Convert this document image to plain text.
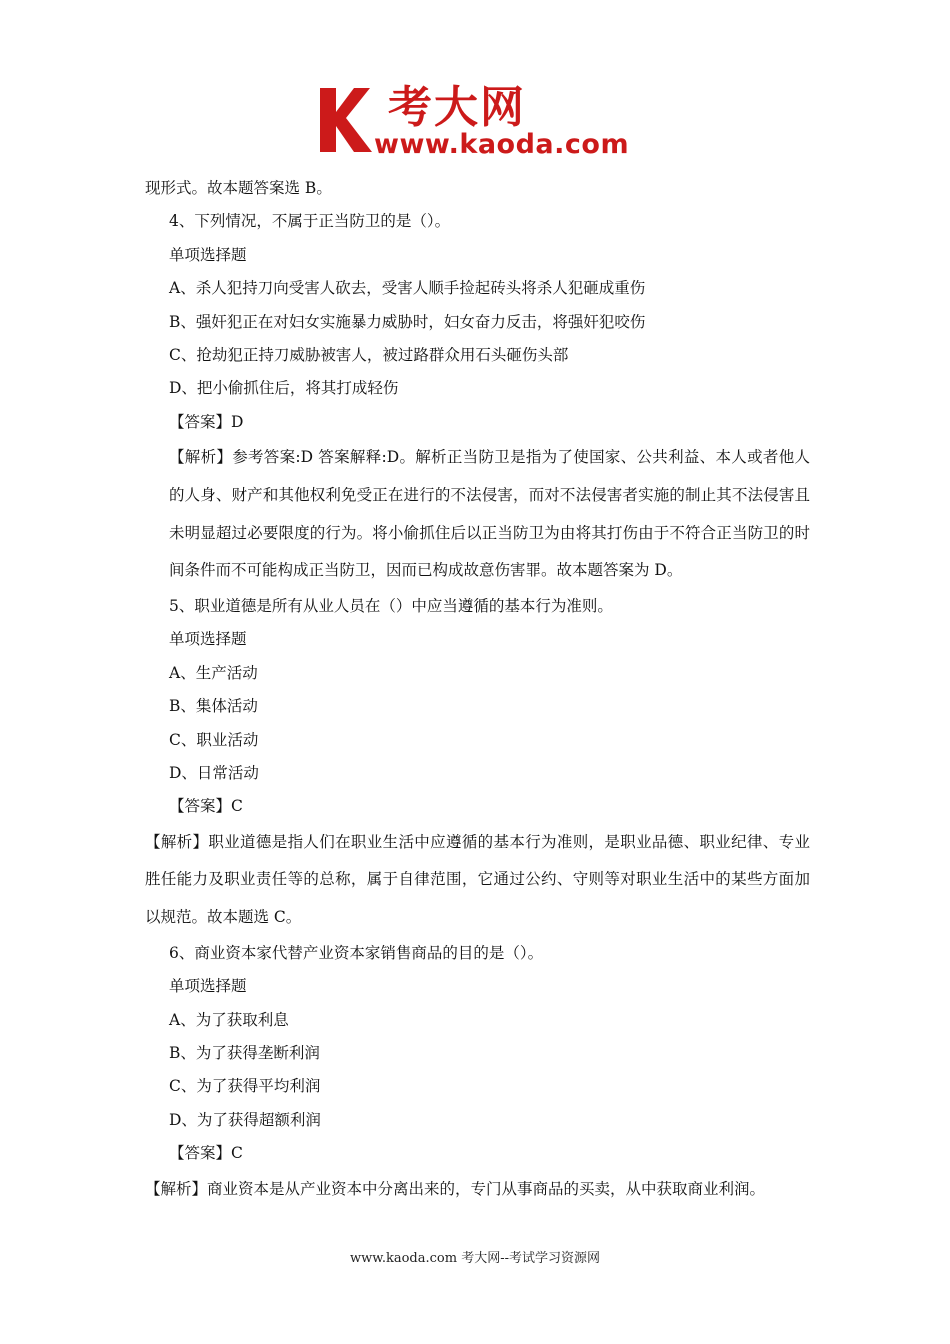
考大网
www.kaoda.com
现形式。故本题答案选 B。
4、下列情况，不属于正当防卫的是（）。
单项选择题
A、杀人犯持刀向受害人砍去，受害人顺手捡起砖头将杀人犯砸成重伤
B、强奸犯正在对妇女实施暴力威胁时，妇女奋力反击，将强奸犯咬伤
C、抢劫犯正持刀威胁被害人，被过路群众用石头砸伤头部
D、把小偷抓住后，将其打成轻伤
【答案】D
【解析】参考答案:D 答案解释:D。解析正当防卫是指为了使国家、公共利益、本人或者他人的人身、财产和其他权利免受正在进行的不法侵害，而对不法侵害者实施的制止其不法侵害且未明显超过必要限度的行为。将小偷抓住后以正当防卫为由将其打伤由于不符合正当防卫的时间条件而不可能构成正当防卫，因而已构成故意伤害罪。故本题答案为 D。
5、职业道德是所有从业人员在（）中应当遵循的基本行为准则。
单项选择题
A、生产活动
B、集体活动
C、职业活动
D、日常活动
【答案】C
【解析】职业道德是指人们在职业生活中应遵循的基本行为准则，是职业品德、职业纪律、专业胜任能力及职业责任等的总称，属于自律范围，它通过公约、守则等对职业生活中的某些方面加以规范。故本题选 C。
6、商业资本家代替产业资本家销售商品的目的是（）。
单项选择题
A、为了获取利息
B、为了获得垄断利润
C、为了获得平均利润
D、为了获得超额利润
【答案】C
【解析】商业资本是从产业资本中分离出来的，专门从事商品的买卖，从中获取商业利润。
www.kaoda.com 考大网--考试学习资源网
